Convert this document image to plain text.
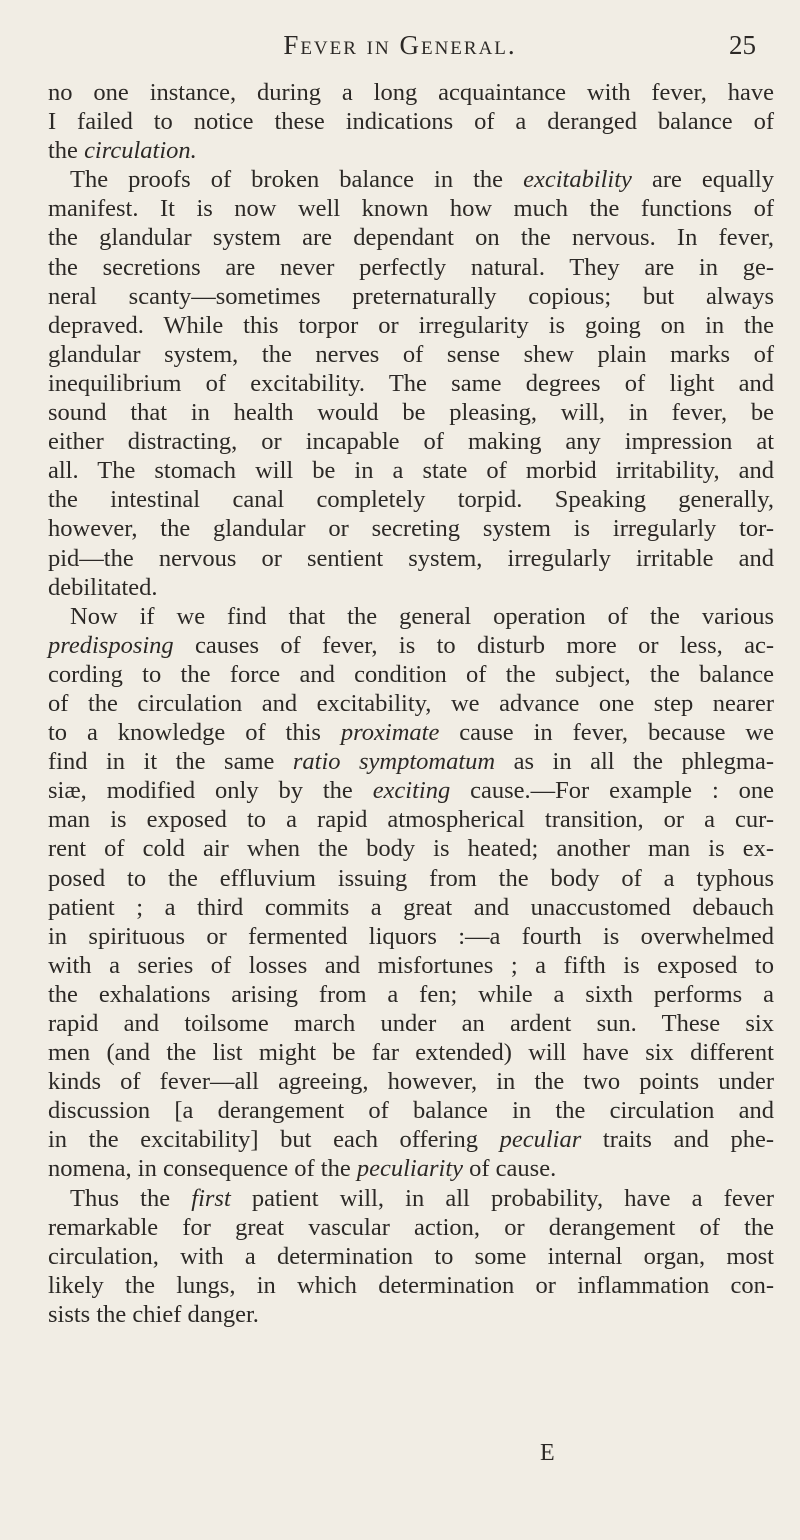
Fever in General.	25
no one instance, during a long acquaintance with fever, have
I failed to notice these indications of a deranged balance of
the circulation.
The proofs of broken balance in the excitability are equally
manifest. It is now well known how much the functions of
the glandular system are dependant on the nervous. In fever,
the secretions are never perfectly natural. They are in ge-
neral scanty—sometimes preternaturally copious; but always
depraved. While this torpor or irregularity is going on in the
glandular system, the nerves of sense shew plain marks of
inequilibrium of excitability. The same degrees of light and
sound that in health would be pleasing, will, in fever, be
either distracting, or incapable of making any impression at
all. The stomach will be in a state of morbid irritability, and
the intestinal canal completely torpid. Speaking generally,
however, the glandular or secreting system is irregularly tor-
pid—the nervous or sentient system, irregularly irritable and
debilitated.
Now if we find that the general operation of the various
predisposing causes of fever, is to disturb more or less, ac-
cording to the force and condition of the subject, the balance
of the circulation and excitability, we advance one step nearer
to a knowledge of this proximate cause in fever, because we
find in it the same ratio symptomatum as in all the phlegma-
siæ, modified only by the exciting cause.—For example : one
man is exposed to a rapid atmospherical transition, or a cur-
rent of cold air when the body is heated; another man is ex-
posed to the effluvium issuing from the body of a typhous
patient ; a third commits a great and unaccustomed debauch
in spirituous or fermented liquors :—a fourth is overwhelmed
with a series of losses and misfortunes ; a fifth is exposed to
the exhalations arising from a fen; while a sixth performs a
rapid and toilsome march under an ardent sun. These six
men (and the list might be far extended) will have six different
kinds of fever—all agreeing, however, in the two points under
discussion [a derangement of balance in the circulation and
in the excitability] but each offering peculiar traits and phe-
nomena, in consequence of the peculiarity of cause.
Thus the first patient will, in all probability, have a fever
remarkable for great vascular action, or derangement of the
circulation, with a determination to some internal organ, most
likely the lungs, in which determination or inflammation con-
sists the chief danger.
E
